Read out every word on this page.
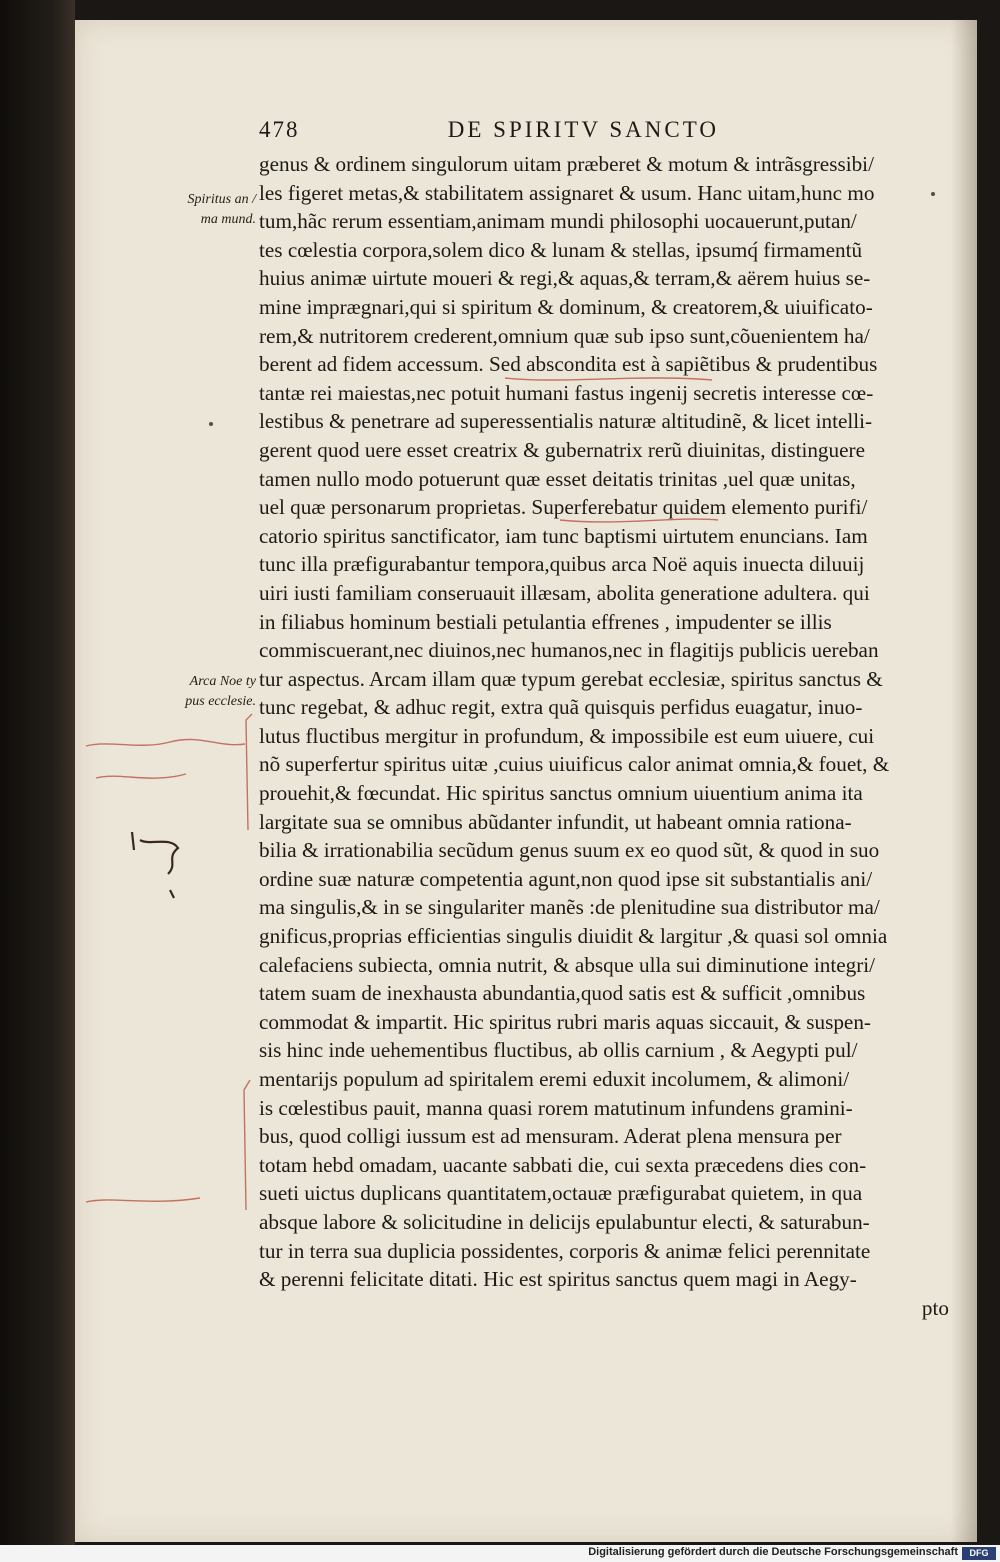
478	DE SPIRITV SANCTO
Spiritus an /
ma mund.
Arca Noe ty
pus ecclesie.
genus & ordinem singulorum uitam præberet & motum & intrãsgressibi/
les figeret metas,& stabilitatem assignaret & usum. Hanc uitam,hunc mo
tum,hãc rerum essentiam,animam mundi philosophi uocauerunt,putan/
tes cœlestia corpora,solem dico & lunam & stellas, ipsumq́ firmamentũ
huius animæ uirtute moueri & regi,& aquas,& terram,& aërem huius se-
mine imprægnari,qui si spiritum & dominum, & creatorem,& uiuificato-
rem,& nutritorem crederent,omnium quæ sub ipso sunt,cõuenientem ha/
berent ad fidem accessum. Sed abscondita est à sapiẽtibus & prudentibus
tantæ rei maiestas,nec potuit humani fastus ingenij secretis interesse cœ-
lestibus & penetrare ad superessentialis naturæ altitudinẽ, & licet intelli-
gerent quod uere esset creatrix & gubernatrix rerũ diuinitas, distinguere
tamen nullo modo potuerunt quæ esset deitatis trinitas ,uel quæ unitas,
uel quæ personarum proprietas. Superferebatur quidem elemento purifi/
catorio spiritus sanctificator, iam tunc baptismi uirtutem enuncians. Iam
tunc illa præfigurabantur tempora,quibus arca Noë aquis inuecta diluuij
uiri iusti familiam conseruauit illæsam, abolita generatione adultera. qui
in filiabus hominum bestiali petulantia effrenes , impudenter se illis
commiscuerant,nec diuinos,nec humanos,nec in flagitijs publicis uereban
tur aspectus. Arcam illam quæ typum gerebat ecclesiæ, spiritus sanctus &
tunc regebat, & adhuc regit, extra quã quisquis perfidus euagatur, inuo-
lutus fluctibus mergitur in profundum, & impossibile est eum uiuere, cui
nõ superfertur spiritus uitæ ,cuius uiuificus calor animat omnia,& fouet, &
prouehit,& fœcundat. Hic spiritus sanctus omnium uiuentium anima ita
largitate sua se omnibus abũdanter infundit, ut habeant omnia rationa-
bilia & irrationabilia secũdum genus suum ex eo quod sũt, & quod in suo
ordine suæ naturæ competentia agunt,non quod ipse sit substantialis ani/
ma singulis,& in se singulariter manẽs :de plenitudine sua distributor ma/
gnificus,proprias efficientias singulis diuidit & largitur ,& quasi sol omnia
calefaciens subiecta, omnia nutrit, & absque ulla sui diminutione integri/
tatem suam de inexhausta abundantia,quod satis est & sufficit ,omnibus
commodat & impartit. Hic spiritus rubri maris aquas siccauit, & suspen-
sis hinc inde uehementibus fluctibus, ab ollis carnium , & Aegypti pul/
mentarijs populum ad spiritalem eremi eduxit incolumem, & alimoni/
is cœlestibus pauit, manna quasi rorem matutinum infundens gramini-
bus, quod colligi iussum est ad mensuram. Aderat plena mensura per
totam hebd omadam, uacante sabbati die, cui sexta præcedens dies con-
sueti uictus duplicans quantitatem,octauæ præfigurabat quietem, in qua
absque labore & solicitudine in delicijs epulabuntur electi, & saturabun-
tur in terra sua duplicia possidentes, corporis & animæ felici perennitate
& perenni felicitate ditati. Hic est spiritus sanctus quem magi in Aegy-
pto
Digitalisierung gefördert durch die Deutsche Forschungsgemeinschaft	DFG
